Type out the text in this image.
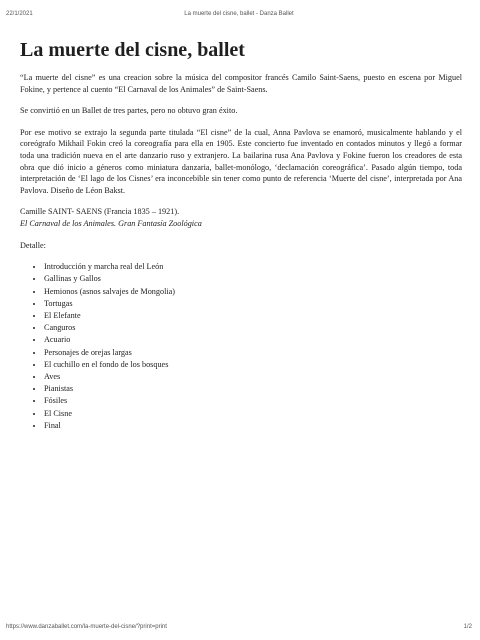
22/1/2021	La muerte del cisne, ballet - Danza Ballet
La muerte del cisne, ballet

“La muerte del cisne” es una creacion sobre la música del compositor francés Camilo Saint-Saens, puesto en escena por Miguel Fokine, y pertence al cuento “El Carnaval de los Animales” de Saint-Saens.

Se convirtió en un Ballet de tres partes, pero no obtuvo gran éxito.

Por ese motivo se extrajo la segunda parte titulada “El cisne” de la cual, Anna Pavlova se enamoró, musicalmente hablando y el coreógrafo Mikhail Fokin creó la coreografía para ella en 1905. Este concierto fue inventado en contados minutos y llegó a formar toda una tradición nueva en el arte danzario ruso y extranjero. La bailarina rusa Ana Pavlova y Fokine fueron los creadores de esta obra que dió inicio a géneros como miniatura danzaria, ballet-monólogo, ‘declamación coreográfica’. Pasado algún tiempo, toda interpretación de ‘El lago de los Cisnes’ era inconcebible sin tener como punto de referencia ‘Muerte del cisne’, interpretada por Ana Pavlova. Diseño de Léon Bakst.

Camille SAINT- SAENS (Francia 1835 – 1921).
El Carnaval de los Animales. Gran Fantasía Zoológica

Detalle:

• Introducción y marcha real del León
• Gallinas y Gallos
• Hemionos (asnos salvajes de Mongolia)
• Tortugas
• El Elefante
• Canguros
• Acuario
• Personajes de orejas largas
• El cuchillo en el fondo de los bosques
• Aves
• Pianistas
• Fósiles
• El Cisne
• Final
https://www.danzaballet.com/la-muerte-del-cisne/?print=print	1/2
